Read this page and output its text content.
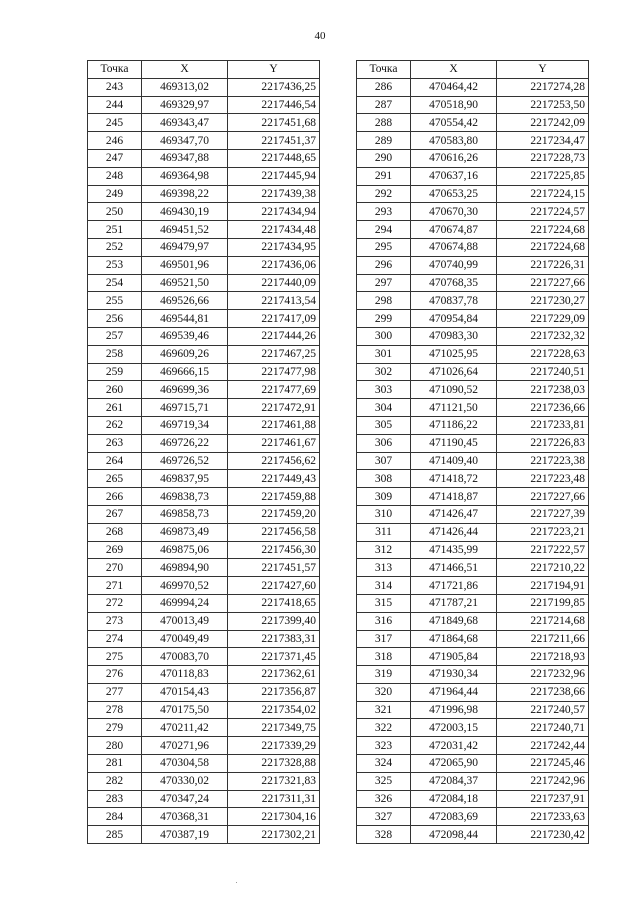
40
Точка	X	Y
243	469313,02	2217436,25
244	469329,97	2217446,54
245	469343,47	2217451,68
246	469347,70	2217451,37
247	469347,88	2217448,65
248	469364,98	2217445,94
249	469398,22	2217439,38
250	469430,19	2217434,94
251	469451,52	2217434,48
252	469479,97	2217434,95
253	469501,96	2217436,06
254	469521,50	2217440,09
255	469526,66	2217413,54
256	469544,81	2217417,09
257	469539,46	2217444,26
258	469609,26	2217467,25
259	469666,15	2217477,98
260	469699,36	2217477,69
261	469715,71	2217472,91
262	469719,34	2217461,88
263	469726,22	2217461,67
264	469726,52	2217456,62
265	469837,95	2217449,43
266	469838,73	2217459,88
267	469858,73	2217459,20
268	469873,49	2217456,58
269	469875,06	2217456,30
270	469894,90	2217451,57
271	469970,52	2217427,60
272	469994,24	2217418,65
273	470013,49	2217399,40
274	470049,49	2217383,31
275	470083,70	2217371,45
276	470118,83	2217362,61
277	470154,43	2217356,87
278	470175,50	2217354,02
279	470211,42	2217349,75
280	470271,96	2217339,29
281	470304,58	2217328,88
282	470330,02	2217321,83
283	470347,24	2217311,31
284	470368,31	2217304,16
285	470387,19	2217302,21
Точка	X	Y
286	470464,42	2217274,28
287	470518,90	2217253,50
288	470554,42	2217242,09
289	470583,80	2217234,47
290	470616,26	2217228,73
291	470637,16	2217225,85
292	470653,25	2217224,15
293	470670,30	2217224,57
294	470674,87	2217224,68
295	470674,88	2217224,68
296	470740,99	2217226,31
297	470768,35	2217227,66
298	470837,78	2217230,27
299	470954,84	2217229,09
300	470983,30	2217232,32
301	471025,95	2217228,63
302	471026,64	2217240,51
303	471090,52	2217238,03
304	471121,50	2217236,66
305	471186,22	2217233,81
306	471190,45	2217226,83
307	471409,40	2217223,38
308	471418,72	2217223,48
309	471418,87	2217227,66
310	471426,47	2217227,39
311	471426,44	2217223,21
312	471435,99	2217222,57
313	471466,51	2217210,22
314	471721,86	2217194,91
315	471787,21	2217199,85
316	471849,68	2217214,68
317	471864,68	2217211,66
318	471905,84	2217218,93
319	471930,34	2217232,96
320	471964,44	2217238,66
321	471996,98	2217240,57
322	472003,15	2217240,71
323	472031,42	2217242,44
324	472065,90	2217245,46
325	472084,37	2217242,96
326	472084,18	2217237,91
327	472083,69	2217233,63
328	472098,44	2217230,42
